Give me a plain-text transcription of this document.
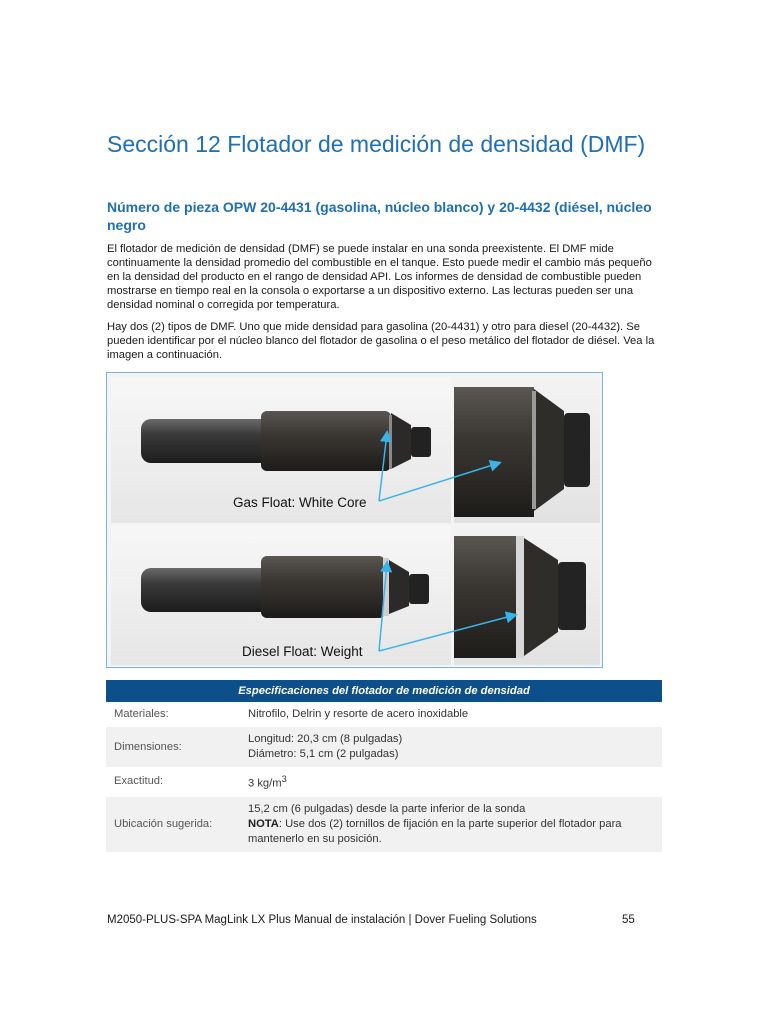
Sección 12 Flotador de medición de densidad (DMF)
Número de pieza OPW 20-4431 (gasolina, núcleo blanco) y 20-4432 (diésel, núcleo negro

El flotador de medición de densidad (DMF) se puede instalar en una sonda preexistente. El DMF mide continuamente la densidad promedio del combustible en el tanque. Esto puede medir el cambio más pequeño en la densidad del producto en el rango de densidad API. Los informes de densidad de combustible pueden mostrarse en tiempo real en la consola o exportarse a un dispositivo externo. Las lecturas pueden ser una densidad nominal o corregida por temperatura.

Hay dos (2) tipos de DMF. Uno que mide densidad para gasolina (20-4431) y otro para diesel (20-4432). Se pueden identificar por el núcleo blanco del flotador de gasolina o el peso metálico del flotador de diésel. Vea la imagen a continuación.

Gas Float: White Core
Diesel Float: Weight
Especificaciones del flotador de medición de densidad	
Materiales:	Nitrofilo, Delrin y resorte de acero inoxidable

Dimensiones:	Longitud: 20,3 cm (8 pulgadas)
Diámetro: 5,1 cm (2 pulgadas)

Exactitud:	3 $kg/m^3$
Ubicación sugerida:	15,2 cm (6 pulgadas) desde la parte inferior de la sonda
NOTA: Use dos (2) tornillos de fijación en la parte superior del flotador para mantenerlo en su posición.
M2050-PLUS-SPA MagLink LX Plus Manual de instalación | Dover Fueling Solutions	55
